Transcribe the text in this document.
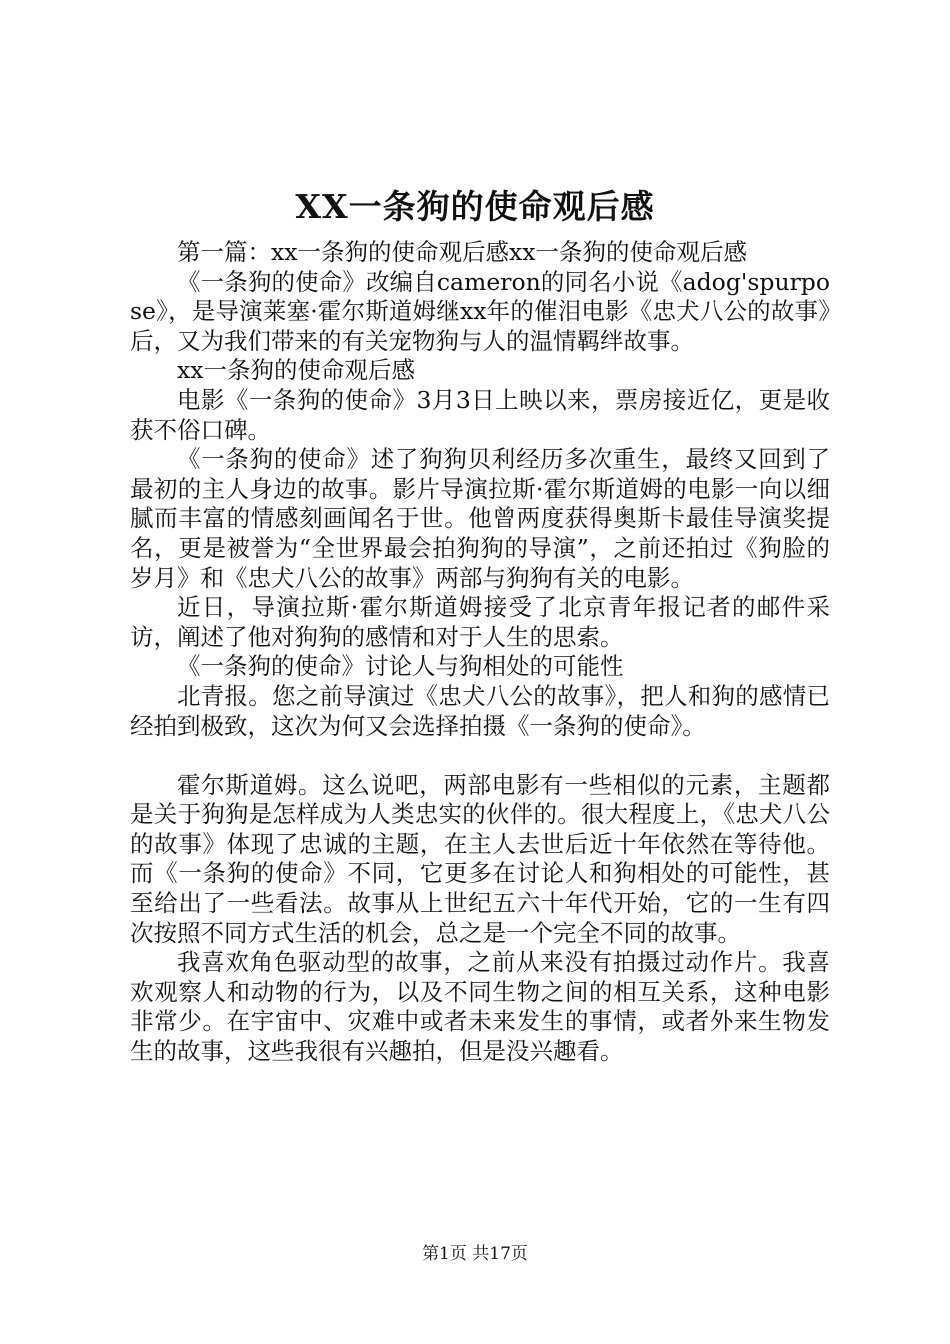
XX一条狗的使命观后感

第一篇：xx一条狗的使命观后感xx一条狗的使命观后感

《一条狗的使命》改编自cameron的同名小说《adog'spurpose》，是导演莱塞·霍尔斯道姆继xx年的催泪电影《忠犬八公的故事》后，又为我们带来的有关宠物狗与人的温情羁绊故事。

xx一条狗的使命观后感

电影《一条狗的使命》3月3日上映以来，票房接近亿，更是收获不俗口碑。

《一条狗的使命》述了狗狗贝利经历多次重生，最终又回到了最初的主人身边的故事。影片导演拉斯·霍尔斯道姆的电影一向以细腻而丰富的情感刻画闻名于世。他曾两度获得奥斯卡最佳导演奖提名，更是被誉为“全世界最会拍狗狗的导演”，之前还拍过《狗脸的岁月》和《忠犬八公的故事》两部与狗狗有关的电影。

近日，导演拉斯·霍尔斯道姆接受了北京青年报记者的邮件采访，阐述了他对狗狗的感情和对于人生的思索。

《一条狗的使命》讨论人与狗相处的可能性

北青报。您之前导演过《忠犬八公的故事》，把人和狗的感情已经拍到极致，这次为何又会选择拍摄《一条狗的使命》。

霍尔斯道姆。这么说吧，两部电影有一些相似的元素，主题都是关于狗狗是怎样成为人类忠实的伙伴的。很大程度上，《忠犬八公的故事》体现了忠诚的主题，在主人去世后近十年依然在等待他。而《一条狗的使命》不同，它更多在讨论人和狗相处的可能性，甚至给出了一些看法。故事从上世纪五六十年代开始，它的一生有四次按照不同方式生活的机会，总之是一个完全不同的故事。

我喜欢角色驱动型的故事，之前从来没有拍摄过动作片。我喜欢观察人和动物的行为，以及不同生物之间的相互关系，这种电影非常少。在宇宙中、灾难中或者未来发生的事情，或者外来生物发生的故事，这些我很有兴趣拍，但是没兴趣看。

第1页 共17页
